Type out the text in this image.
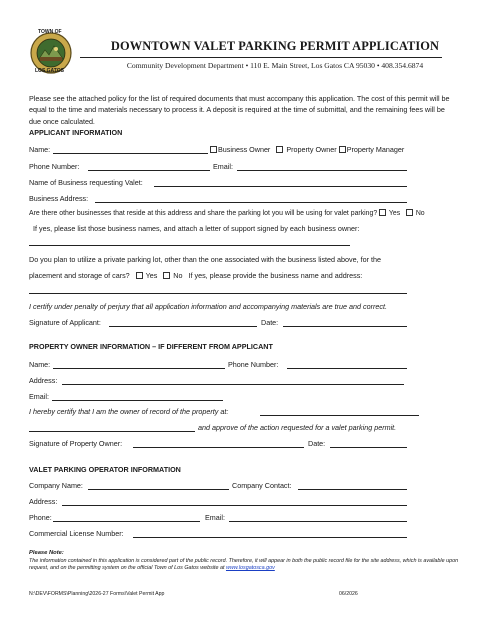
TOWN OF
LOS GATOS
DOWNTOWN VALET PARKING PERMIT APPLICATION
Community Development Department • 110 E. Main Street, Los Gatos CA 95030 • 408.354.6874
Please see the attached policy for the list of required documents that must accompany this application. The cost of this permit will be equal to the time and materials necessary to process it. A deposit is required at the time of submittal, and the remaining fees will be due once calculated.
APPLICANT INFORMATION
Name:	Business Owner Property Owner Property Manager
Phone Number:	Email:
Name of Business requesting Valet:
Business Address:
Are there other businesses that reside at this address and share the parking lot you will be using for valet parking? Yes No
If yes, please list those business names, and attach a letter of support signed by each business owner:
Do you plan to utilize a private parking lot, other than the one associated with the business listed above, for the
placement and storage of cars? Yes No If yes, please provide the business name and address:
I certify under penalty of perjury that all application information and accompanying materials are true and correct.
Signature of Applicant:	Date:
PROPERTY OWNER INFORMATION – IF DIFFERENT FROM APPLICANT
Name:	Phone Number:
Address:
Email:
I hereby certify that I am the owner of record of the property at:
and approve of the action requested for a valet parking permit.
Signature of Property Owner:	Date:
VALET PARKING OPERATOR INFORMATION
Company Name:	Company Contact:
Address:
Phone:	Email:
Commercial License Number:
Please Note:
The information contained in this application is considered part of the public record. Therefore, it will appear in both the public record file for the site address, which is available upon request, and on the permitting system on the official Town of Los Gatos website at www.losgatosca.gov
N:\DEV\FORMS\Planning\2026-27 Forms\Valet Permit App	06/2026
